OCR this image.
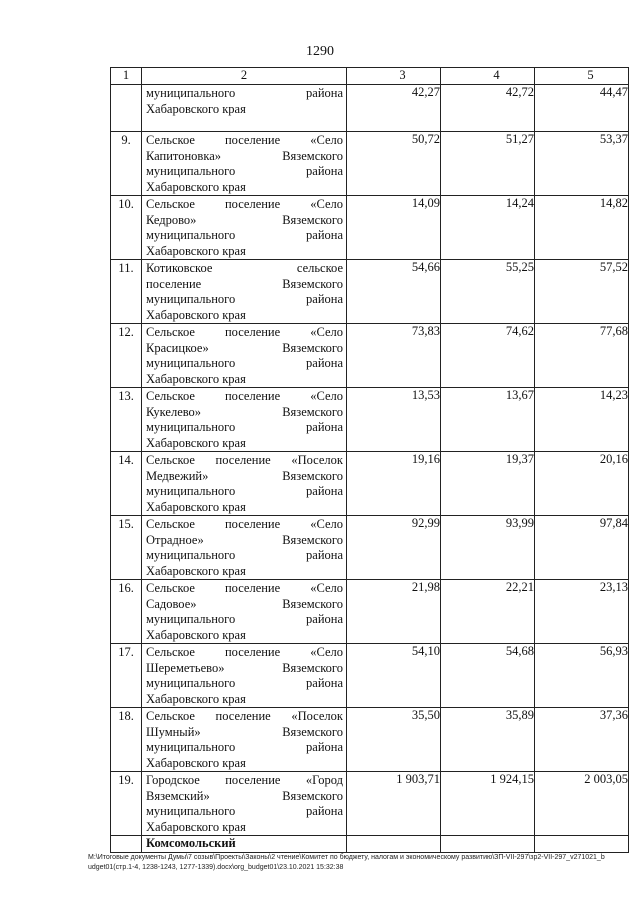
1290
1	2	3	4	5

	муниципального района
Хабаровского края	42,27	42,72	44,47

9.	Сельское поселение «Село
Капитоновка» Вяземского
муниципального района
Хабаровского края	50,72	51,27	53,37

10.	Сельское поселение «Село
Кедрово» Вяземского
муниципального района
Хабаровского края	14,09	14,24	14,82

11.	Котиковское сельское
поселение Вяземского
муниципального района
Хабаровского края	54,66	55,25	57,52

12.	Сельское поселение «Село
Красицкое» Вяземского
муниципального района
Хабаровского края	73,83	74,62	77,68

13.	Сельское поселение «Село
Кукелево» Вяземского
муниципального района
Хабаровского края	13,53	13,67	14,23

14.	Сельское поселение «Поселок
Медвежий» Вяземского
муниципального района
Хабаровского края	19,16	19,37	20,16

15.	Сельское поселение «Село
Отрадное» Вяземского
муниципального района
Хабаровского края	92,99	93,99	97,84

16.	Сельское поселение «Село
Садовое» Вяземского
муниципального района
Хабаровского края	21,98	22,21	23,13

17.	Сельское поселение «Село
Шереметьево» Вяземского
муниципального района
Хабаровского края	54,10	54,68	56,93

18.	Сельское поселение «Поселок
Шумный» Вяземского
муниципального района
Хабаровского края	35,50	35,89	37,36

19.	Городское поселение «Город
Вяземский» Вяземского
муниципального района
Хабаровского края	1 903,71	1 924,15	2 003,05

	Комсомольский			
М:\Итоговые документы Думы\7 созыв\Проекты\Законы\2 чтение\Комитет по бюджету, налогам и экономическому развитию\ЗП-VII-297\зр2-VII-297_v271021_budget01(стр.1-4, 1238-1243, 1277-1339).docx\org_budget01\23.10.2021 15:32:38
